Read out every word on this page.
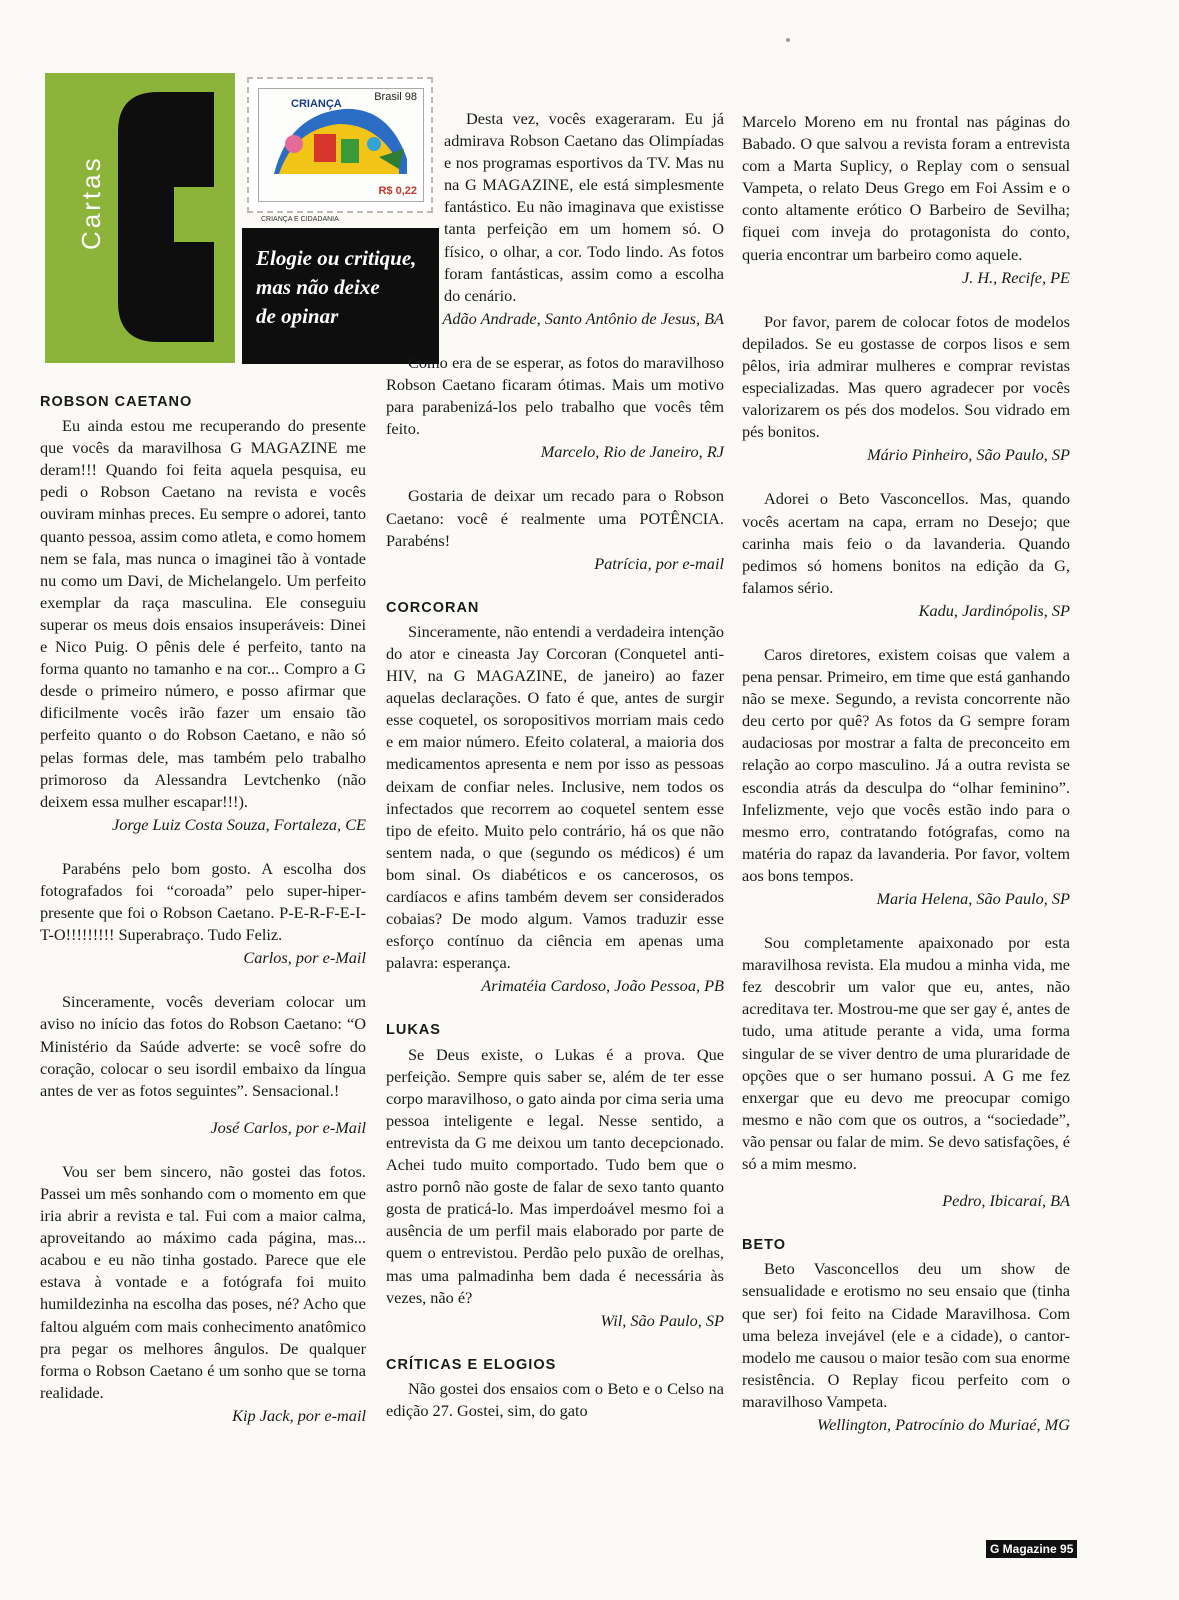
Cartas
CRIANÇA
Brasil 98
R$ 0,22
CRIANÇA E CIDADANIA
Elogie ou critique,
mas não deixe
de opinar
ROBSON CAETANO

Eu ainda estou me recuperando do presente que vocês da maravilhosa G MAGAZINE me deram!!! Quando foi feita aquela pesquisa, eu pedi o Robson Caetano na revista e vocês ouviram minhas preces. Eu sempre o adorei, tanto quanto pessoa, assim como atleta, e como homem nem se fala, mas nunca o imaginei tão à vontade nu como um Davi, de Michelangelo. Um perfeito exemplar da raça masculina. Ele conseguiu superar os meus dois ensaios insuperáveis: Dinei e Nico Puig. O pênis dele é perfeito, tanto na forma quanto no tamanho e na cor... Compro a G desde o primeiro número, e posso afirmar que dificilmente vocês irão fazer um ensaio tão perfeito quanto o do Robson Caetano, e não só pelas formas dele, mas também pelo trabalho primoroso da Alessandra Levtchenko (não deixem essa mulher escapar!!!).

Jorge Luiz Costa Souza, Fortaleza, CE

Parabéns pelo bom gosto. A escolha dos fotografados foi “coroada” pelo super-hiper-presente que foi o Robson Caetano. P-E-R-F-E-I-T-O!!!!!!!!! Superabraço. Tudo Feliz.

Carlos, por e-Mail

Sinceramente, vocês deveriam colocar um aviso no início das fotos do Robson Caetano: “O Ministério da Saúde adverte: se você sofre do coração, colocar o seu isordil embaixo da língua antes de ver as fotos seguintes”. Sensacional.!

José Carlos, por e-Mail

Vou ser bem sincero, não gostei das fotos. Passei um mês sonhando com o momento em que iria abrir a revista e tal. Fui com a maior calma, aproveitando ao máximo cada página, mas... acabou e eu não tinha gostado. Parece que ele estava à vontade e a fotógrafa foi muito humildezinha na escolha das poses, né? Acho que faltou alguém com mais conhecimento anatômico pra pegar os melhores ângulos. De qualquer forma o Robson Caetano é um sonho que se torna realidade.

Kip Jack, por e-mail

Desta vez, vocês exageraram. Eu já admirava Robson Caetano das Olimpíadas e nos programas esportivos da TV. Mas nu na G MAGAZINE, ele está simplesmente fantástico. Eu não imaginava que existisse tanta perfeição em um homem só. O físico, o olhar, a cor. Todo lindo. As fotos foram fantásticas, assim como a escolha do cenário.

Adão Andrade, Santo Antônio de Jesus, BA

Como era de se esperar, as fotos do maravilhoso Robson Caetano ficaram ótimas. Mais um motivo para parabenizá-los pelo trabalho que vocês têm feito.

Marcelo, Rio de Janeiro, RJ

Gostaria de deixar um recado para o Robson Caetano: você é realmente uma POTÊNCIA. Parabéns!

Patrícia, por e-mail
CORCORAN

Sinceramente, não entendi a verdadeira intenção do ator e cineasta Jay Corcoran (Conquetel anti-HIV, na G MAGAZINE, de janeiro) ao fazer aquelas declarações. O fato é que, antes de surgir esse coquetel, os soropositivos morriam mais cedo e em maior número. Efeito colateral, a maioria dos medicamentos apresenta e nem por isso as pessoas deixam de confiar neles. Inclusive, nem todos os infectados que recorrem ao coquetel sentem esse tipo de efeito. Muito pelo contrário, há os que não sentem nada, o que (segundo os médicos) é um bom sinal. Os diabéticos e os cancerosos, os cardíacos e afins também devem ser considerados cobaias? De modo algum. Vamos traduzir esse esforço contínuo da ciência em apenas uma palavra: esperança.

Arimatéia Cardoso, João Pessoa, PB
LUKAS

Se Deus existe, o Lukas é a prova. Que perfeição. Sempre quis saber se, além de ter esse corpo maravilhoso, o gato ainda por cima seria uma pessoa inteligente e legal. Nesse sentido, a entrevista da G me deixou um tanto decepcionado. Achei tudo muito comportado. Tudo bem que o astro pornô não goste de falar de sexo tanto quanto gosta de praticá-lo. Mas imperdoável mesmo foi a ausência de um perfil mais elaborado por parte de quem o entrevistou. Perdão pelo puxão de orelhas, mas uma palmadinha bem dada é necessária às vezes, não é?

Wil, São Paulo, SP
CRÍTICAS E ELOGIOS

Não gostei dos ensaios com o Beto e o Celso na edição 27. Gostei, sim, do gato

Marcelo Moreno em nu frontal nas páginas do Babado. O que salvou a revista foram a entrevista com a Marta Suplicy, o Replay com o sensual Vampeta, o relato Deus Grego em Foi Assim e o conto altamente erótico O Barbeiro de Sevilha; fiquei com inveja do protagonista do conto, queria encontrar um barbeiro como aquele.

J. H., Recife, PE

Por favor, parem de colocar fotos de modelos depilados. Se eu gostasse de corpos lisos e sem pêlos, iria admirar mulheres e comprar revistas especializadas. Mas quero agradecer por vocês valorizarem os pés dos modelos. Sou vidrado em pés bonitos.

Mário Pinheiro, São Paulo, SP

Adorei o Beto Vasconcellos. Mas, quando vocês acertam na capa, erram no Desejo; que carinha mais feio o da lavanderia. Quando pedimos só homens bonitos na edição da G, falamos sério.

Kadu, Jardinópolis, SP

Caros diretores, existem coisas que valem a pena pensar. Primeiro, em time que está ganhando não se mexe. Segundo, a revista concorrente não deu certo por quê? As fotos da G sempre foram audaciosas por mostrar a falta de preconceito em relação ao corpo masculino. Já a outra revista se escondia atrás da desculpa do “olhar feminino”. Infelizmente, vejo que vocês estão indo para o mesmo erro, contratando fotógrafas, como na matéria do rapaz da lavanderia. Por favor, voltem aos bons tempos.

Maria Helena, São Paulo, SP

Sou completamente apaixonado por esta maravilhosa revista. Ela mudou a minha vida, me fez descobrir um valor que eu, antes, não acreditava ter. Mostrou-me que ser gay é, antes de tudo, uma atitude perante a vida, uma forma singular de se viver dentro de uma pluraridade de opções que o ser humano possui. A G me fez enxergar que eu devo me preocupar comigo mesmo e não com que os outros, a “sociedade”, vão pensar ou falar de mim. Se devo satisfações, é só a mim mesmo.

Pedro, Ibicaraí, BA
BETO

Beto Vasconcellos deu um show de sensualidade e erotismo no seu ensaio que (tinha que ser) foi feito na Cidade Maravilhosa. Com uma beleza invejável (ele e a cidade), o cantor-modelo me causou o maior tesão com sua enorme resistência. O Replay ficou perfeito com o maravilhoso Vampeta.

Wellington, Patrocínio do Muriaé, MG
G Magazine 95
